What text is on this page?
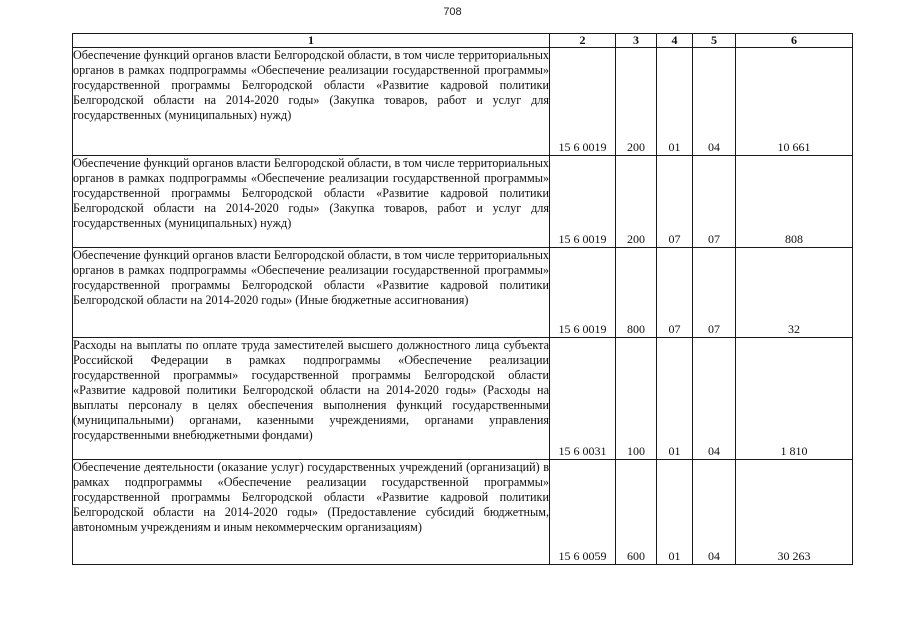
708
1	2	3	4	5	6
Обеспечение функций органов власти Белгородской области, в том числе территориальных органов в рамках подпрограммы «Обеспечение реализации государственной программы» государственной программы Белгородской области «Развитие кадровой политики Белгородской области на 2014-2020 годы» (Закупка товаров, работ и услуг для государственных (муниципальных) нужд)	15 6 0019	200	01	04	10 661
Обеспечение функций органов власти Белгородской области, в том числе территориальных органов в рамках подпрограммы «Обеспечение реализации государственной программы» государственной программы Белгородской области «Развитие кадровой политики Белгородской области на 2014-2020 годы» (Закупка товаров, работ и услуг для государственных (муниципальных) нужд)	15 6 0019	200	07	07	808
Обеспечение функций органов власти Белгородской области, в том числе территориальных органов в рамках подпрограммы «Обеспечение реализации государственной программы» государственной программы Белгородской области «Развитие кадровой политики Белгородской области на 2014-2020 годы» (Иные бюджетные ассигнования)	15 6 0019	800	07	07	32
Расходы на выплаты по оплате труда заместителей высшего должностного лица субъекта Российской Федерации в рамках подпрограммы «Обеспечение реализации государственной программы» государственной программы Белгородской области «Развитие кадровой политики Белгородской области на 2014-2020 годы» (Расходы на выплаты персоналу в целях обеспечения выполнения функций государственными (муниципальными) органами, казенными учреждениями, органами управления государственными внебюджетными фондами)	15 6 0031	100	01	04	1 810
Обеспечение деятельности (оказание услуг) государственных учреждений (организаций) в рамках подпрограммы «Обеспечение реализации государственной программы» государственной программы Белгородской области «Развитие кадровой политики Белгородской области на 2014-2020 годы» (Предоставление субсидий бюджетным, автономным учреждениям и иным некоммерческим организациям)	15 6 0059	600	01	04	30 263
